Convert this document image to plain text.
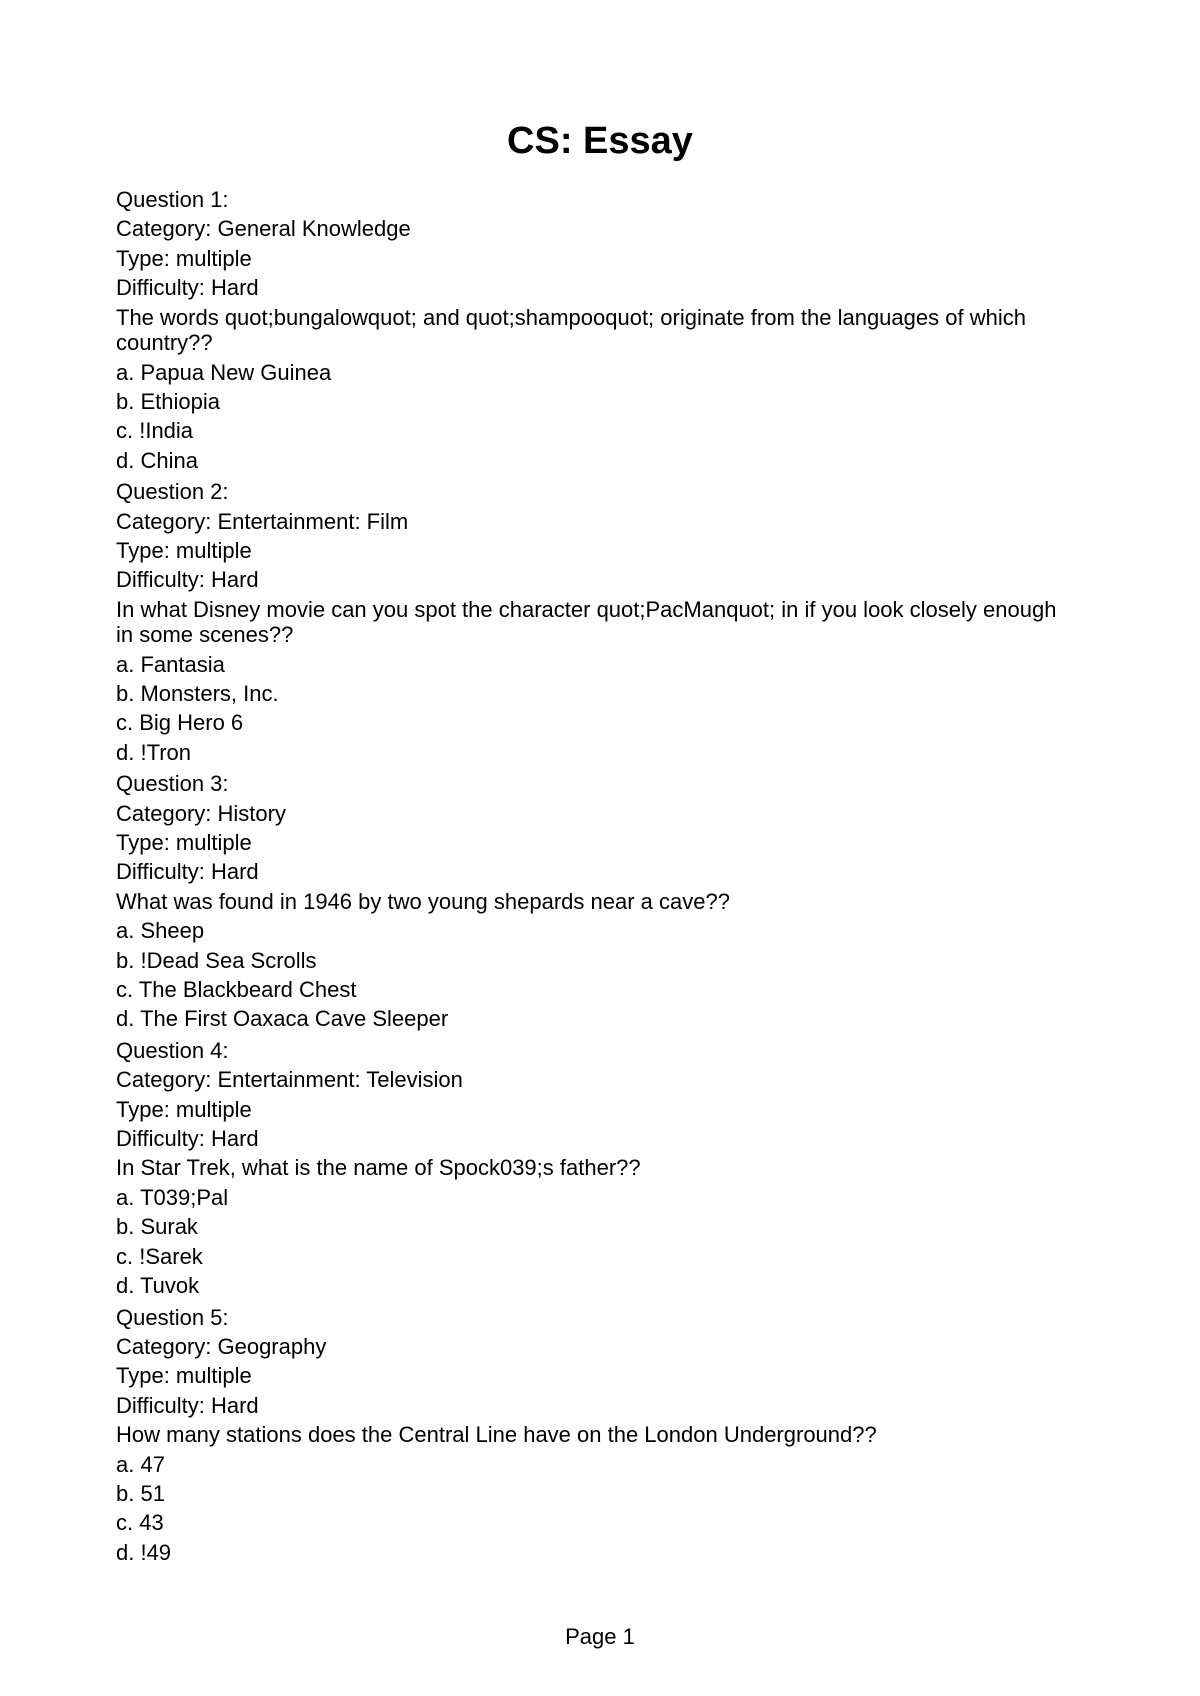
CS: Essay
Question 1:
Category: General Knowledge
Type: multiple
Difficulty: Hard
The words quot;bungalowquot; and quot;shampooquot; originate from the languages of which country??
a. Papua New Guinea
b. Ethiopia
c. !India
d. China
Question 2:
Category: Entertainment: Film
Type: multiple
Difficulty: Hard
In what Disney movie can you spot the character quot;PacManquot; in if you look closely enough in some scenes??
a. Fantasia
b. Monsters, Inc.
c. Big Hero 6
d. !Tron
Question 3:
Category: History
Type: multiple
Difficulty: Hard
What was found in 1946 by two young shepards near a cave??
a. Sheep
b. !Dead Sea Scrolls
c. The Blackbeard Chest
d. The First Oaxaca Cave Sleeper
Question 4:
Category: Entertainment: Television
Type: multiple
Difficulty: Hard
In Star Trek, what is the name of Spock039;s father??
a. T039;Pal
b. Surak
c. !Sarek
d. Tuvok
Question 5:
Category: Geography
Type: multiple
Difficulty: Hard
How many stations does the Central Line have on the London Underground??
a. 47
b. 51
c. 43
d. !49
Page 1
